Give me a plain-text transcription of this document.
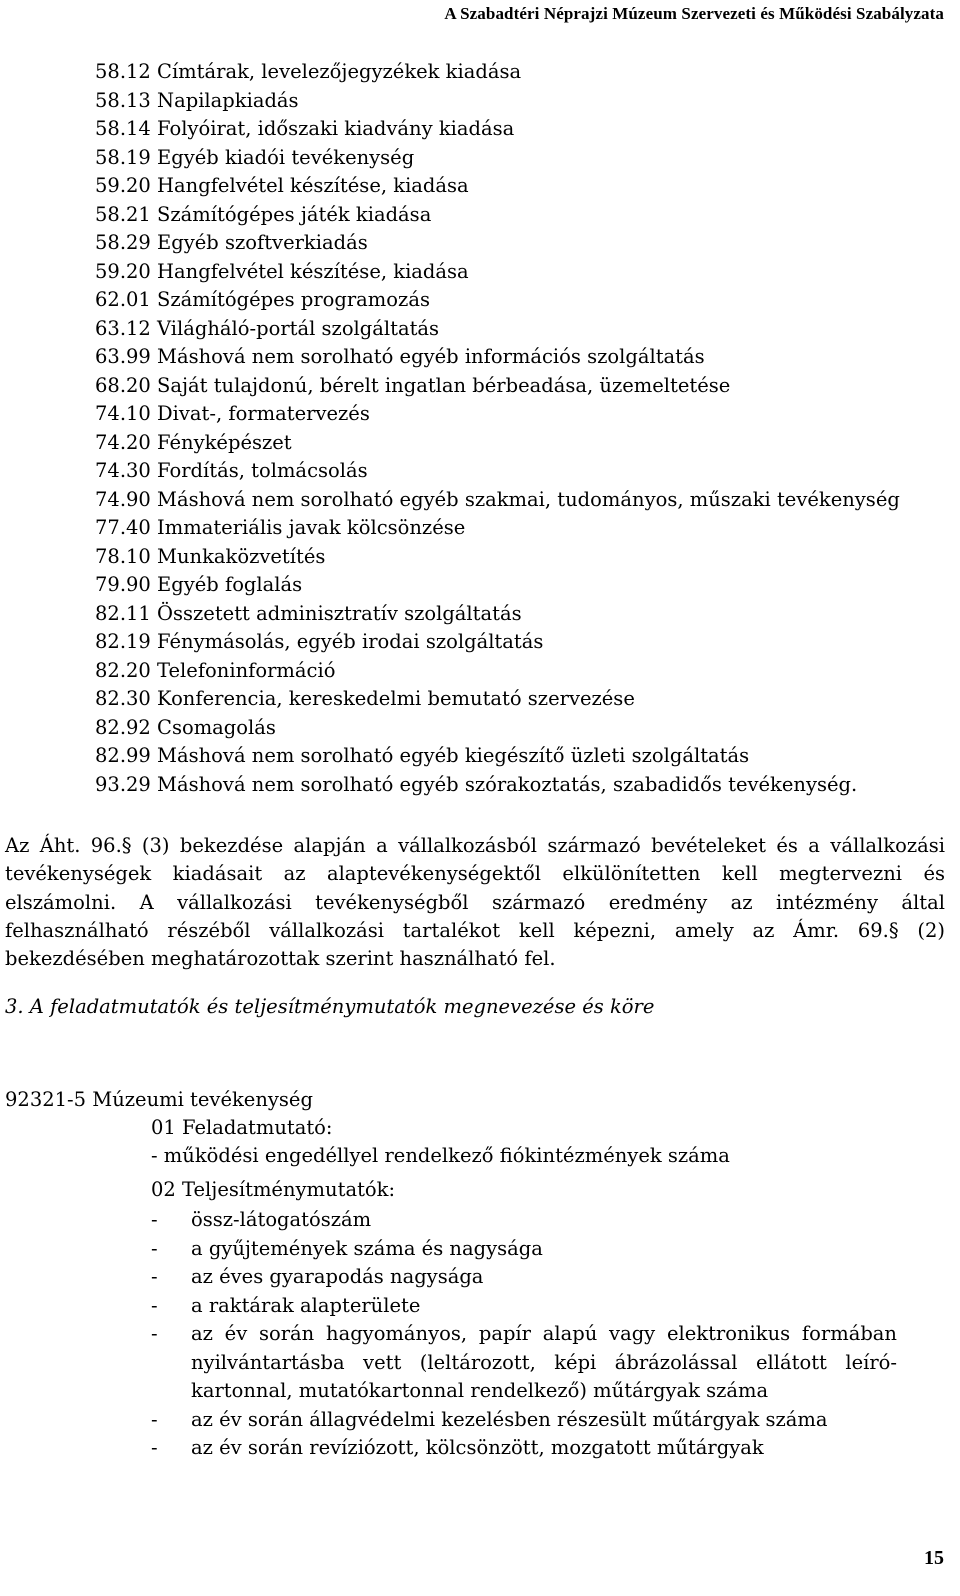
A Szabadtéri Néprajzi Múzeum Szervezeti és Működési Szabályzata
58.12 Címtárak, levelezőjegyzékek kiadása
58.13 Napilapkiadás
58.14 Folyóirat, időszaki kiadvány kiadása
58.19 Egyéb kiadói tevékenység
59.20 Hangfelvétel készítése, kiadása
58.21 Számítógépes játék kiadása
58.29 Egyéb szoftverkiadás
59.20 Hangfelvétel készítése, kiadása
62.01 Számítógépes programozás
63.12 Világháló-portál szolgáltatás
63.99 Máshová nem sorolható egyéb információs szolgáltatás
68.20 Saját tulajdonú, bérelt ingatlan bérbeadása, üzemeltetése
74.10 Divat-, formatervezés
74.20 Fényképészet
74.30 Fordítás, tolmácsolás
74.90 Máshová nem sorolható egyéb szakmai, tudományos, műszaki tevékenység
77.40 Immateriális javak kölcsönzése
78.10 Munkaközvetítés
79.90 Egyéb foglalás
82.11 Összetett adminisztratív szolgáltatás
82.19 Fénymásolás, egyéb irodai szolgáltatás
82.20 Telefoninformáció
82.30 Konferencia, kereskedelmi bemutató szervezése
82.92 Csomagolás
82.99 Máshová nem sorolható egyéb kiegészítő üzleti szolgáltatás
93.29 Máshová nem sorolható egyéb szórakoztatás, szabadidős tevékenység.

Az Áht. 96.§ (3) bekezdése alapján a vállalkozásból származó bevételeket és a vállalkozási tevékenységek kiadásait az alaptevékenységektől elkülönítetten kell megtervezni és elszámolni. A vállalkozási tevékenységből származó eredmény az intézmény által felhasználható részéből vállalkozási tartalékot kell képezni, amely az Ámr. 69.§ (2) bekezdésében meghatározottak szerint használható fel.

3. A feladatmutatók és teljesítménymutatók megnevezése és köre

92321-5 Múzeumi tevékenység
01 Feladatmutató:
- működési engedéllyel rendelkező fiókintézmények száma
02 Teljesítménymutatók:
- össz-látogatószám
- a gyűjtemények száma és nagysága
- az éves gyarapodás nagysága
- a raktárak alapterülete
- az év során hagyományos, papír alapú vagy elektronikus formában nyilvántartásba vett (leltározott, képi ábrázolással ellátott leíró-kartonnal, mutatókartonnal rendelkező) műtárgyak száma
- az év során állagvédelmi kezelésben részesült műtárgyak száma
- az év során revíziózott, kölcsönzött, mozgatott műtárgyak
15
